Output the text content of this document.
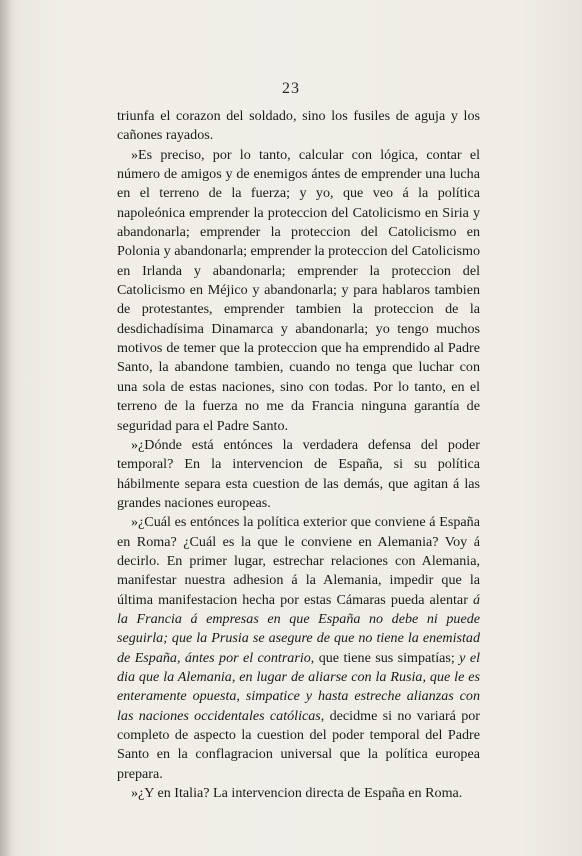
23

triunfa el corazon del soldado, sino los fusiles de aguja y los cañones rayados.

»Es preciso, por lo tanto, calcular con lógica, contar el número de amigos y de enemigos ántes de emprender una lucha en el terreno de la fuerza; y yo, que veo á la política napoleónica emprender la proteccion del Catolicismo en Siria y abandonarla; emprender la proteccion del Catolicismo en Polonia y abandonarla; emprender la proteccion del Catolicismo en Irlanda y abandonarla; emprender la proteccion del Catolicismo en Méjico y abandonarla; y para hablaros tambien de protestantes, emprender tambien la proteccion de la desdichadísima Dinamarca y abandonarla; yo tengo muchos motivos de temer que la proteccion que ha emprendido al Padre Santo, la abandone tambien, cuando no tenga que luchar con una sola de estas naciones, sino con todas. Por lo tanto, en el terreno de la fuerza no me da Francia ninguna garantía de seguridad para el Padre Santo.

»¿Dónde está entónces la verdadera defensa del poder temporal? En la intervencion de España, si su política hábilmente separa esta cuestion de las demás, que agitan á las grandes naciones europeas.

»¿Cuál es entónces la política exterior que conviene á España en Roma? ¿Cuál es la que le conviene en Alemania? Voy á decirlo. En primer lugar, estrechar relaciones con Alemania, manifestar nuestra adhesion á la Alemania, impedir que la última manifestacion hecha por estas Cámaras pueda alentar á la Francia á empresas en que España no debe ni puede seguirla; que la Prusia se asegure de que no tiene la enemistad de España, ántes por el contrario, que tiene sus simpatías; y el dia que la Alemania, en lugar de aliarse con la Rusia, que le es enteramente opuesta, simpatice y hasta estreche alianzas con las naciones occidentales católicas, decidme si no variará por completo de aspecto la cuestion del poder temporal del Padre Santo en la conflagracion universal que la política europea prepara.

»¿Y en Italia? La intervencion directa de España en Roma.
